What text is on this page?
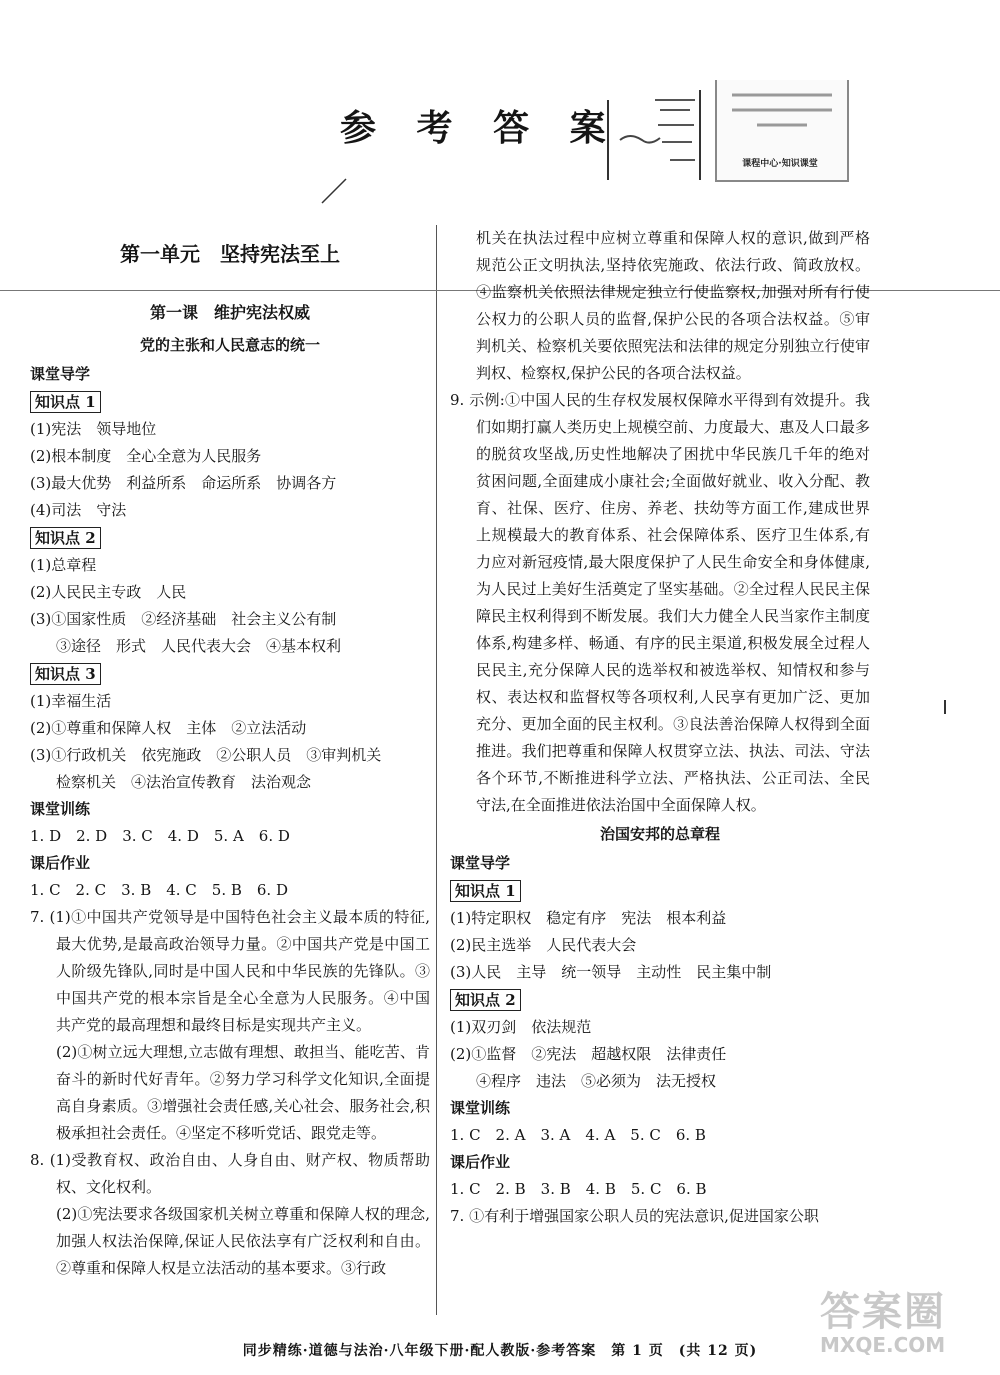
参 考 答 案
课程中心·知识课堂
第一单元　坚持宪法至上
第一课　维护宪法权威
党的主张和人民意志的统一
课堂导学
知识点 1
(1)宪法　领导地位
(2)根本制度　全心全意为人民服务
(3)最大优势　利益所系　命运所系　协调各方
(4)司法　守法
知识点 2
(1)总章程
(2)人民民主专政　人民
(3)①国家性质　②经济基础　社会主义公有制
③途径　形式　人民代表大会　④基本权利
知识点 3
(1)幸福生活
(2)①尊重和保障人权　主体　②立法活动
(3)①行政机关　依宪施政　②公职人员　③审判机关
检察机关　④法治宣传教育　法治观念
课堂训练
1. D　2. D　3. C　4. D　5. A　6. D
课后作业
1. C　2. C　3. B　4. C　5. B　6. D
7. (1)①中国共产党领导是中国特色社会主义最本质的特征,最大优势,是最高政治领导力量。②中国共产党是中国工人阶级先锋队,同时是中国人民和中华民族的先锋队。③中国共产党的根本宗旨是全心全意为人民服务。④中国共产党的最高理想和最终目标是实现共产主义。
(2)①树立远大理想,立志做有理想、敢担当、能吃苦、肯奋斗的新时代好青年。②努力学习科学文化知识,全面提高自身素质。③增强社会责任感,关心社会、服务社会,积极承担社会责任。④坚定不移听党话、跟党走等。
8. (1)受教育权、政治自由、人身自由、财产权、物质帮助权、文化权利。
(2)①宪法要求各级国家机关树立尊重和保障人权的理念,加强人权法治保障,保证人民依法享有广泛权利和自由。②尊重和保障人权是立法活动的基本要求。③行政
机关在执法过程中应树立尊重和保障人权的意识,做到严格规范公正文明执法,坚持依宪施政、依法行政、简政放权。④监察机关依照法律规定独立行使监察权,加强对所有行使公权力的公职人员的监督,保护公民的各项合法权益。⑤审判机关、检察机关要依照宪法和法律的规定分别独立行使审判权、检察权,保护公民的各项合法权益。
9. 示例:①中国人民的生存权发展权保障水平得到有效提升。我们如期打赢人类历史上规模空前、力度最大、惠及人口最多的脱贫攻坚战,历史性地解决了困扰中华民族几千年的绝对贫困问题,全面建成小康社会;全面做好就业、收入分配、教育、社保、医疗、住房、养老、扶幼等方面工作,建成世界上规模最大的教育体系、社会保障体系、医疗卫生体系,有力应对新冠疫情,最大限度保护了人民生命安全和身体健康,为人民过上美好生活奠定了坚实基础。②全过程人民民主保障民主权利得到不断发展。我们大力健全人民当家作主制度体系,构建多样、畅通、有序的民主渠道,积极发展全过程人民民主,充分保障人民的选举权和被选举权、知情权和参与权、表达权和监督权等各项权利,人民享有更加广泛、更加充分、更加全面的民主权利。③良法善治保障人权得到全面推进。我们把尊重和保障人权贯穿立法、执法、司法、守法各个环节,不断推进科学立法、严格执法、公正司法、全民守法,在全面推进依法治国中全面保障人权。
治国安邦的总章程
课堂导学
知识点 1
(1)特定职权　稳定有序　宪法　根本利益
(2)民主选举　人民代表大会
(3)人民　主导　统一领导　主动性　民主集中制
知识点 2
(1)双刃剑　依法规范
(2)①监督　②宪法　超越权限　法律责任
④程序　违法　⑤必须为　法无授权
课堂训练
1. C　2. A　3. A　4. A　5. C　6. B
课后作业
1. C　2. B　3. B　4. B　5. C　6. B
7. ①有利于增强国家公职人员的宪法意识,促进国家公职
同步精练·道德与法治·八年级下册·配人教版·参考答案　第 1 页　(共 12 页)
答案圈
MXQE.COM
